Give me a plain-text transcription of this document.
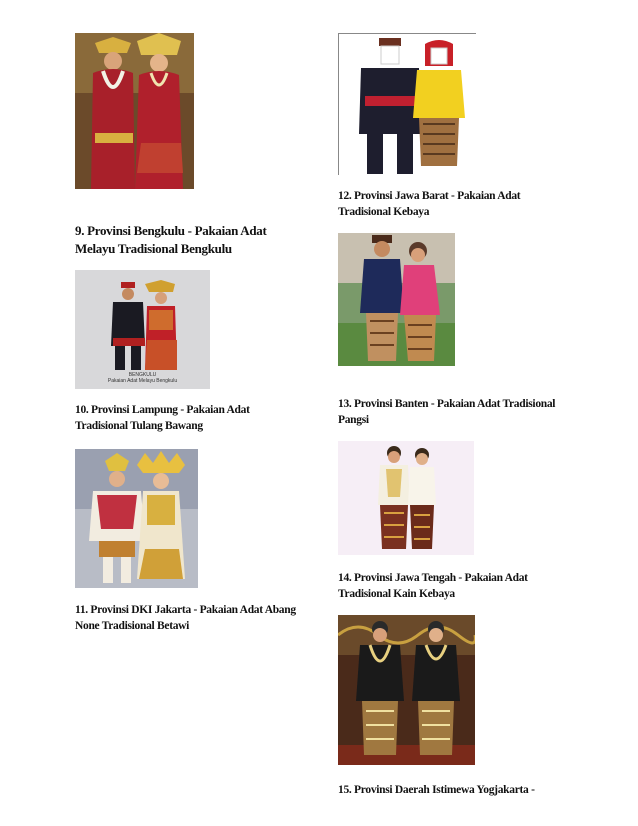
9. Provinsi Bengkulu - Pakaian Adat Melayu Tradisional Bengkulu
BENGKULU
Pakaian Adat Melayu Bengkulu
10. Provinsi Lampung - Pakaian Adat Tradisional Tulang Bawang
11. Provinsi DKI Jakarta - Pakaian Adat Abang None Tradisional Betawi
12. Provinsi Jawa Barat - Pakaian Adat Tradisional Kebaya
13. Provinsi Banten - Pakaian Adat Tradisional Pangsi
14. Provinsi Jawa Tengah - Pakaian Adat Tradisional Kain Kebaya
15. Provinsi Daerah Istimewa Yogjakarta -
